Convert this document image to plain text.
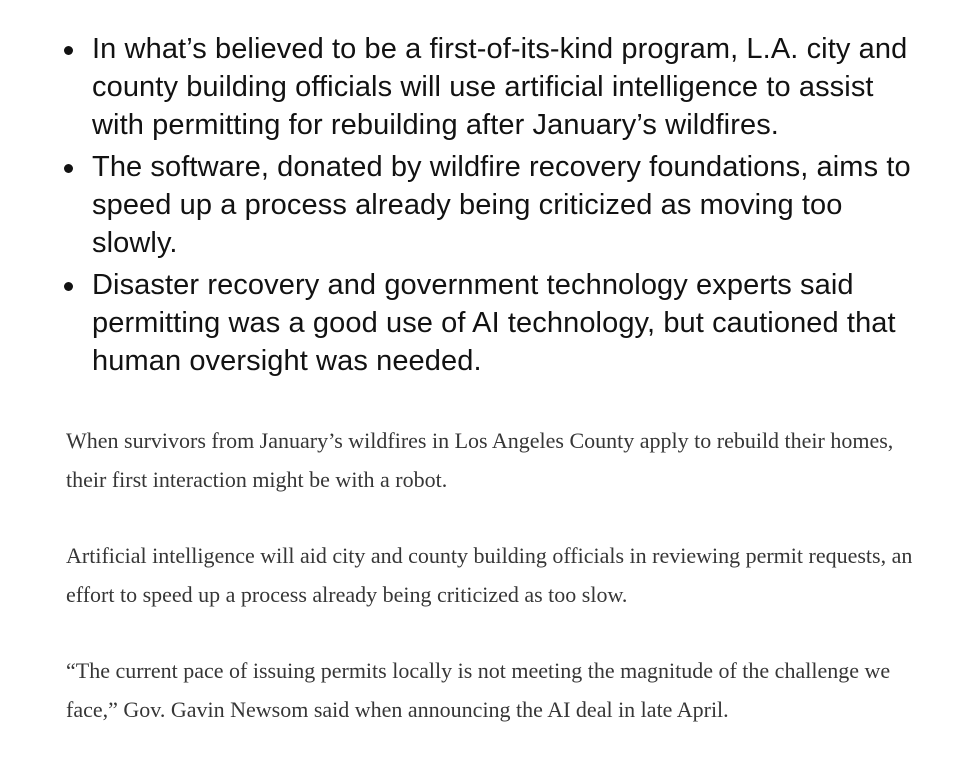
In what’s believed to be a first-of-its-kind program, L.A. city and county building officials will use artificial intelligence to assist with permitting for rebuilding after January’s wildfires.
The software, donated by wildfire recovery foundations, aims to speed up a process already being criticized as moving too slowly.
Disaster recovery and government technology experts said permitting was a good use of AI technology, but cautioned that human oversight was needed.

When survivors from January’s wildfires in Los Angeles County apply to rebuild their homes, their first interaction might be with a robot.

Artificial intelligence will aid city and county building officials in reviewing permit requests, an effort to speed up a process already being criticized as too slow.

“The current pace of issuing permits locally is not meeting the magnitude of the challenge we face,” Gov. Gavin Newsom said when announcing the AI deal in late April.
